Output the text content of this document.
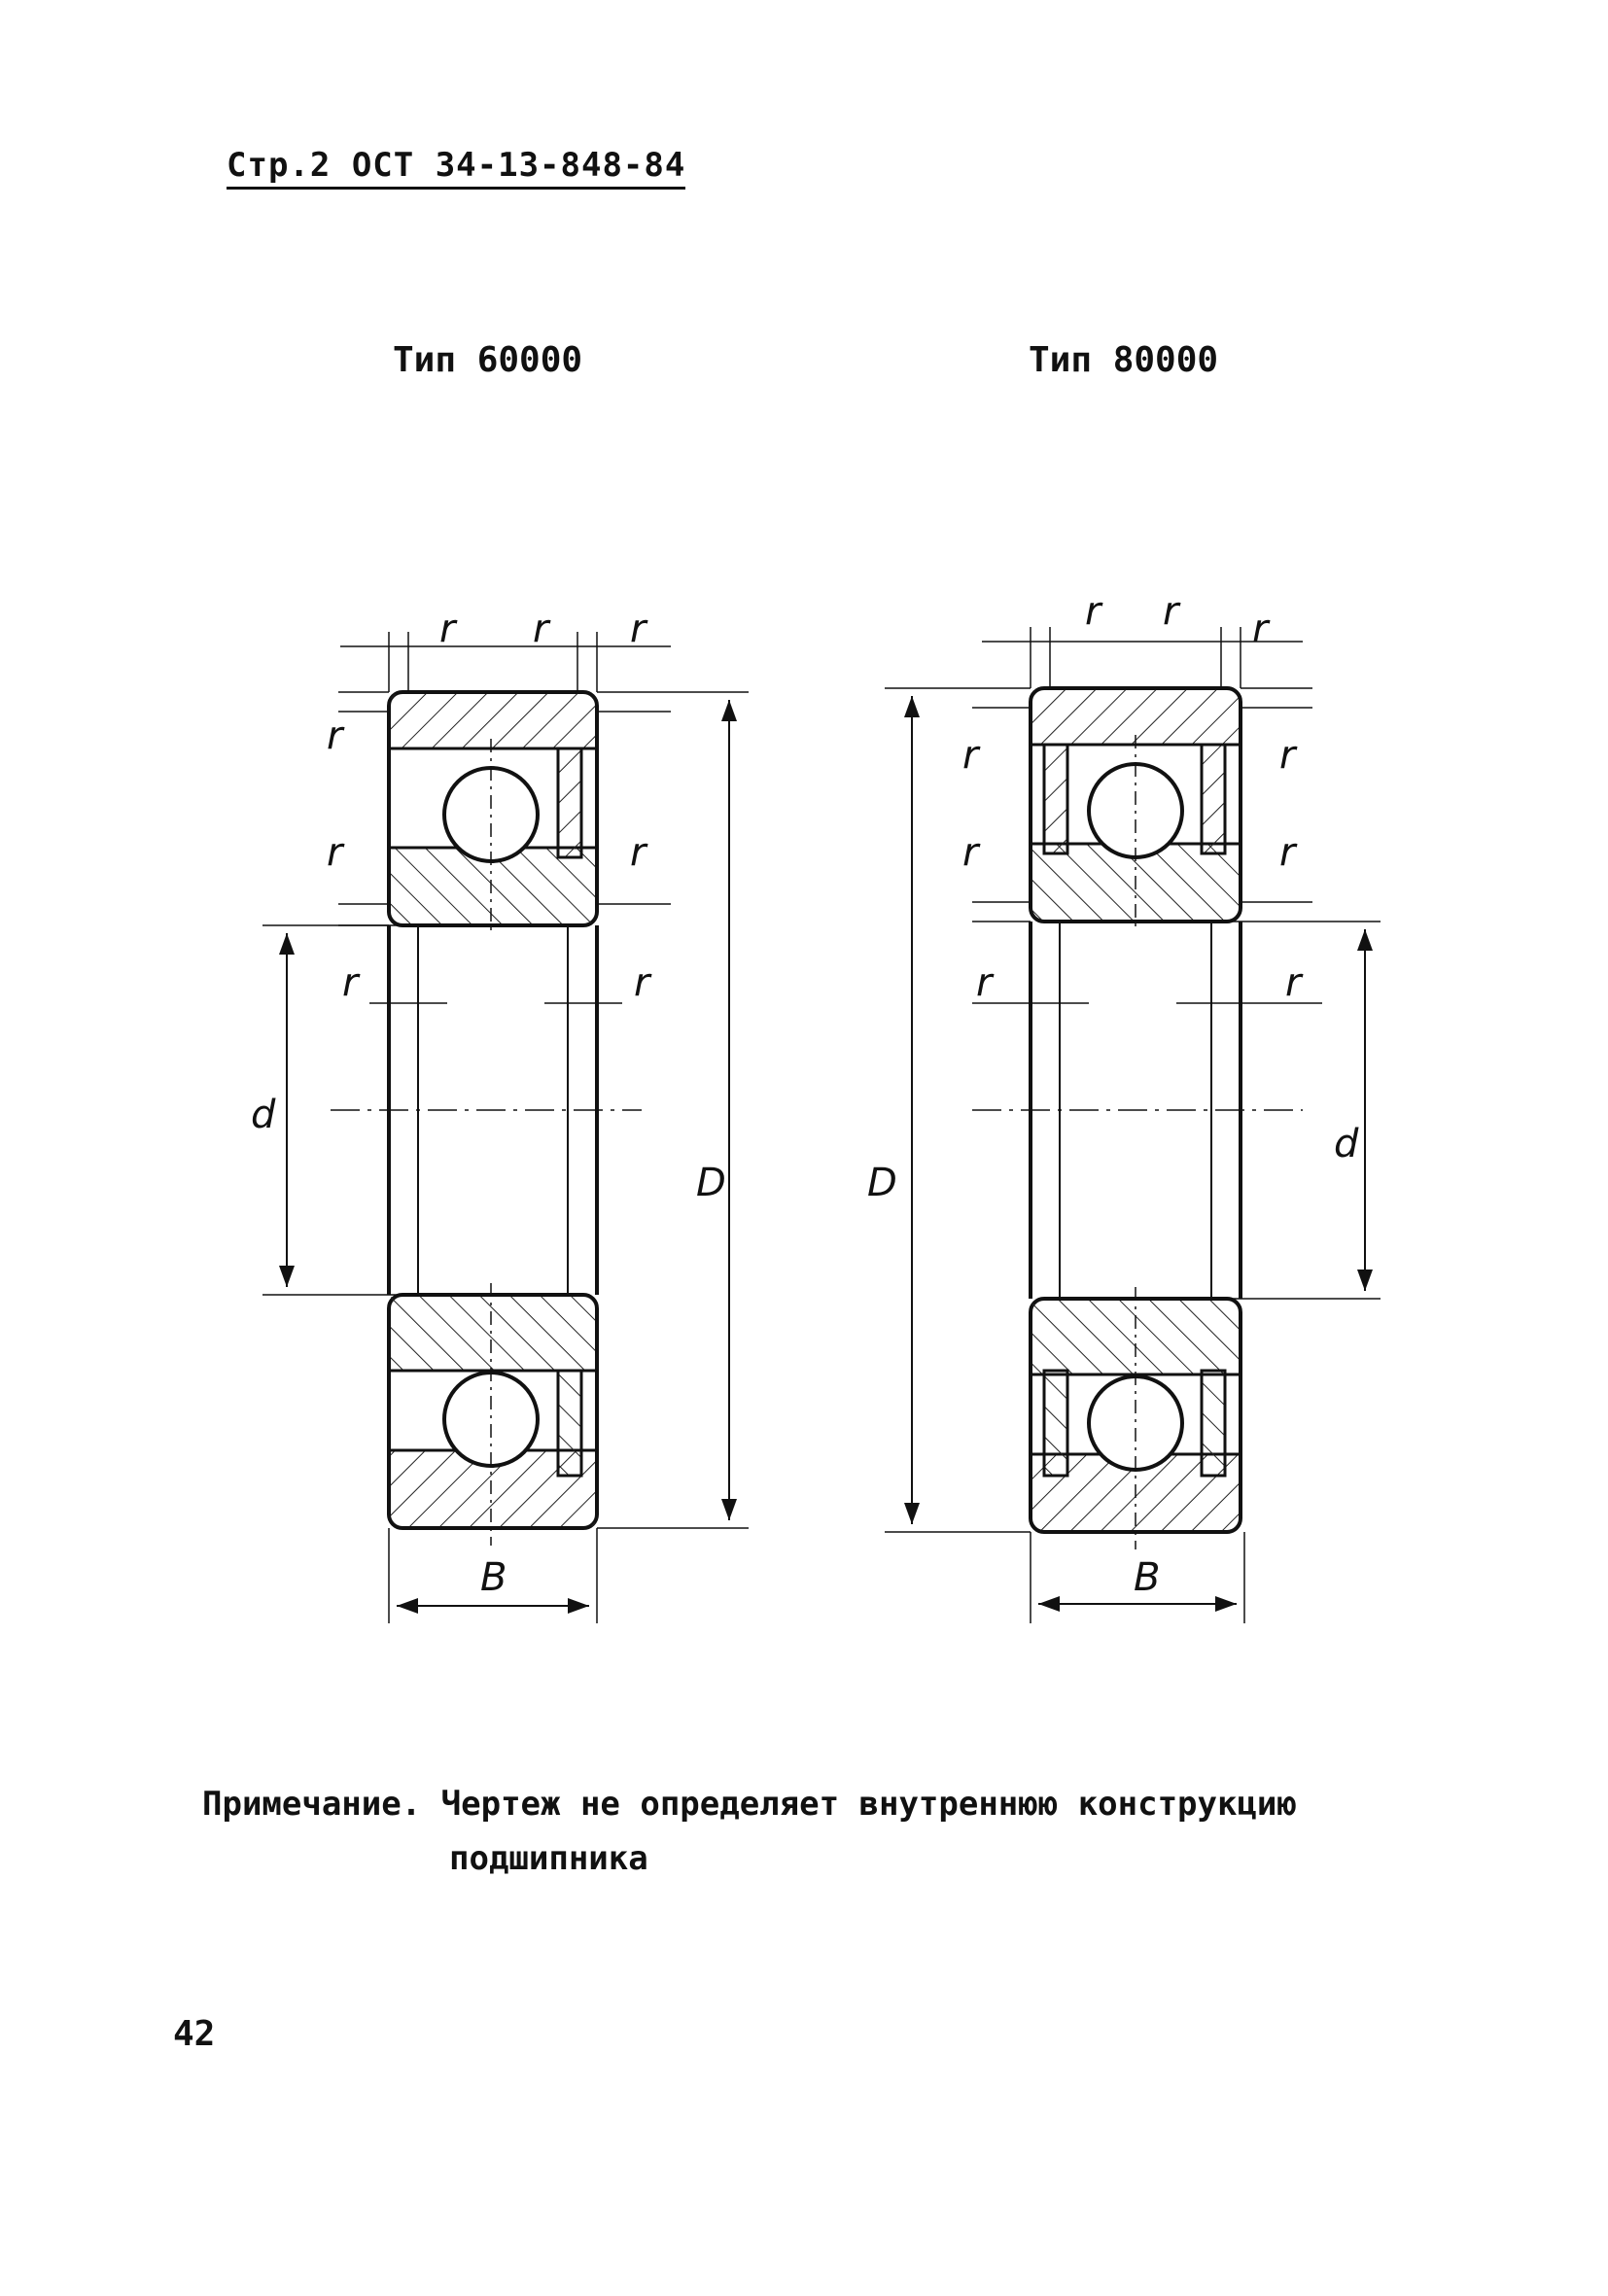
Стр.2 ОСТ 34-13-848-84
Тип 60000	Тип 80000
r r r
r
r	r
r	r
d
D
B
r r r
r
r
r
r
r	r
D
d
B
Примечание. Чертеж не определяет внутреннюю конструкцию
подшипника
42
